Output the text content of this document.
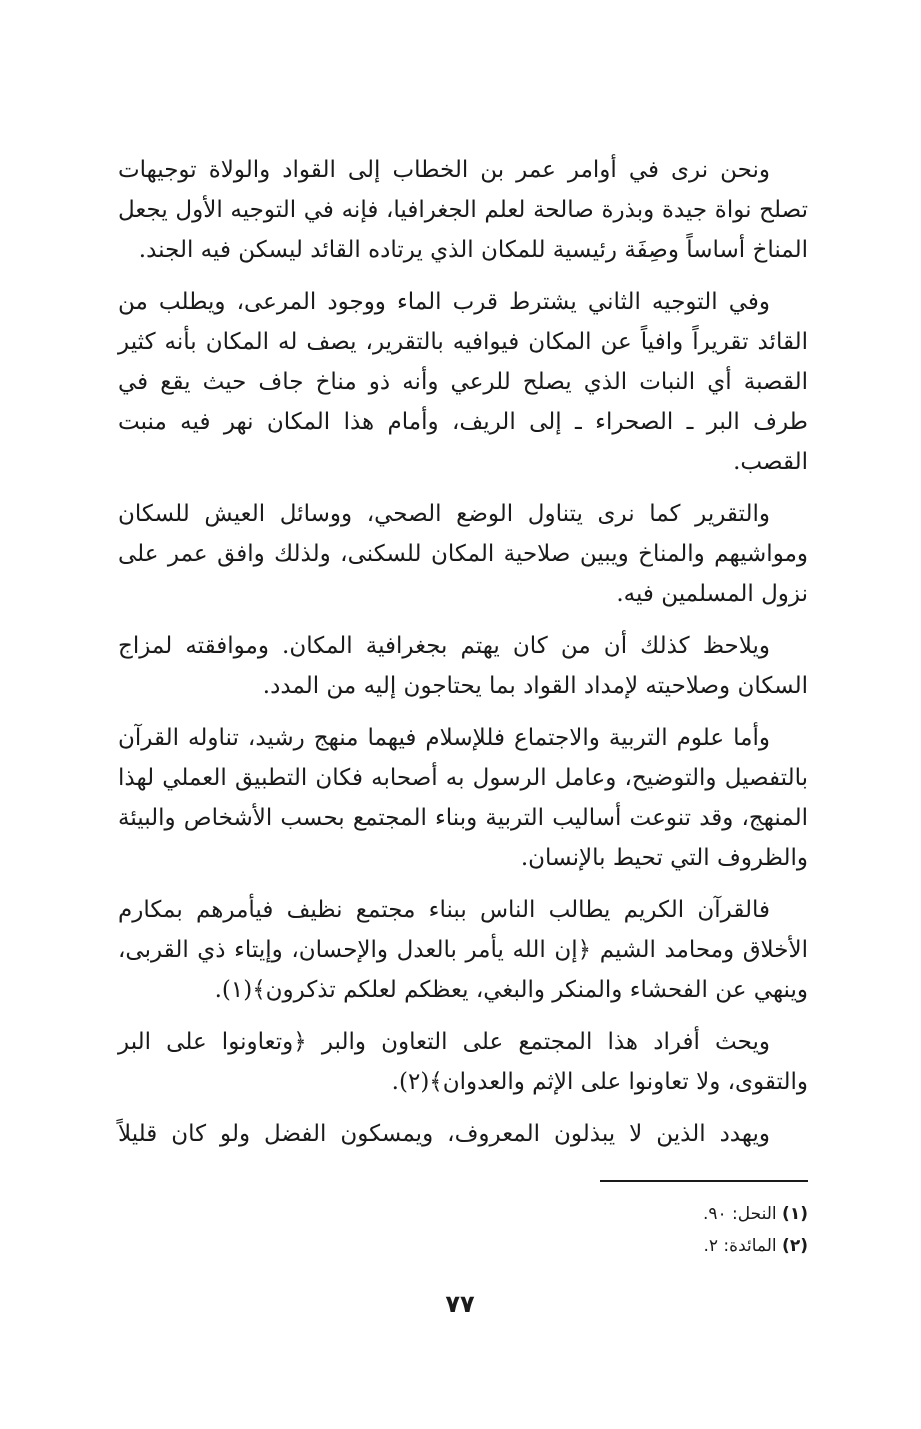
ونحن نرى في أوامر عمر بن الخطاب إلى القواد والولاة توجيهات تصلح نواة جيدة وبذرة صالحة لعلم الجغرافيا، فإنه في التوجيه الأول يجعل المناخ أساساً وصِفَة رئيسية للمكان الذي يرتاده القائد ليسكن فيه الجند.

وفي التوجيه الثاني يشترط قرب الماء ووجود المرعى، ويطلب من القائد تقريراً وافياً عن المكان فيوافيه بالتقرير، يصف له المكان بأنه كثير القصبة أي النبات الذي يصلح للرعي وأنه ذو مناخ جاف حيث يقع في طرف البر ـ الصحراء ـ إلى الريف، وأمام هذا المكان نهر فيه منبت القصب.

والتقرير كما نرى يتناول الوضع الصحي، ووسائل العيش للسكان ومواشيهم والمناخ ويبين صلاحية المكان للسكنى، ولذلك وافق عمر على نزول المسلمين فيه.

ويلاحظ كذلك أن من كان يهتم بجغرافية المكان. وموافقته لمزاج السكان وصلاحيته لإمداد القواد بما يحتاجون إليه من المدد.

وأما علوم التربية والاجتماع فللإسلام فيهما منهج رشيد، تناوله القرآن بالتفصيل والتوضيح، وعامل الرسول به أصحابه فكان التطبيق العملي لهذا المنهج، وقد تنوعت أساليب التربية وبناء المجتمع بحسب الأشخاص والبيئة والظروف التي تحيط بالإنسان.

فالقرآن الكريم يطالب الناس ببناء مجتمع نظيف فيأمرهم بمكارم الأخلاق ومحامد الشيم ﴿إن الله يأمر بالعدل والإحسان، وإيتاء ذي القربى، وينهي عن الفحشاء والمنكر والبغي، يعظكم لعلكم تذكرون﴾(١).

ويحث أفراد هذا المجتمع على التعاون والبر ﴿وتعاونوا على البر والتقوى، ولا تعاونوا على الإثم والعدوان﴾(٢).

ويهدد الذين لا يبذلون المعروف، ويمسكون الفضل ولو كان قليلاً

(١) النحل: ٩٠.

(٢) المائدة: ٢.

٧٧
